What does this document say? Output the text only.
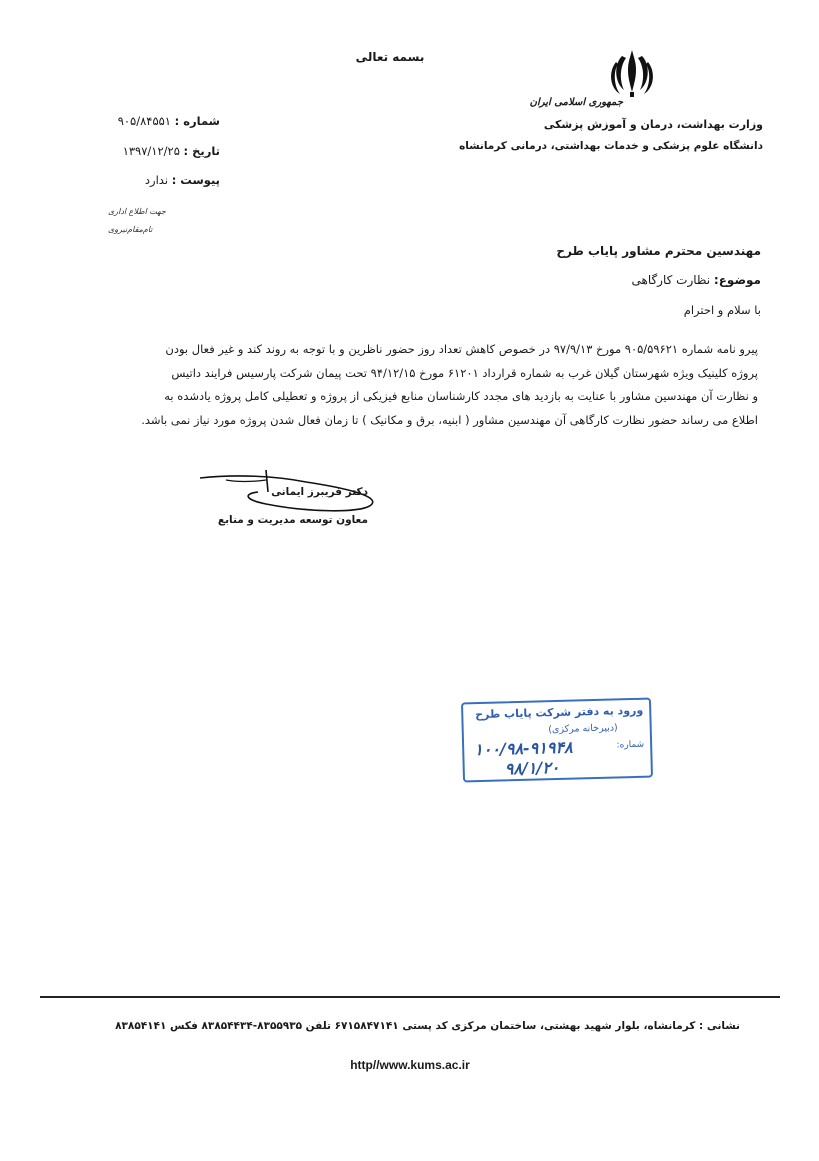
بسمه تعالی
جمهوری اسلامی ایران
وزارت بهداشت، درمان و آموزش پزشکی
دانشگاه علوم پزشکی و خدمات بهداشتی، درمانی کرمانشاه
شماره : ۹۰۵/۸۴۵۵۱
تاریخ : ۱۳۹۷/۱۲/۲۵
پیوست : ندارد
جهت اطلاع اداری
تام‌مقام‌نیروی
مهندسین محترم مشاور پایاب طرح
موضوع: نظارت کارگاهی
با سلام و احترام

پیرو نامه شماره ۹۰۵/۵۹۶۲۱ مورخ ۹۷/۹/۱۳ در خصوص کاهش تعداد روز حضور ناظرین و با توجه به روند کند و غیر فعال بودن

پروژه کلینیک ویژه شهرستان گیلان غرب به شماره قرارداد ۶۱۲۰۱ مورخ ۹۴/۱۲/۱۵ تحت پیمان شرکت پارسیس فرایند داتیس

و نظارت آن مهندسین مشاور با عنایت به بازدید های مجدد کارشناسان منابع فیزیکی از پروژه و تعطیلی کامل پروژه یادشده به

اطلاع می رساند حضور نظارت کارگاهی آن مهندسین مشاور ( ابنیه، برق و مکانیک ) تا زمان فعال شدن پروژه مورد نیاز نمی باشد.

دکتر فریبرز ایمانی
معاون توسعه مدیریت و منابع
ورود به دفتر شرکت پایاب طرح
(دبیرخانه مرکزی)
شماره:
۱۰۰/۹۸-۹۱۹۴۸
۹۸/۱/۲۰
نشانی : کرمانشاه، بلوار شهید بهشتی، ساختمان مرکزی کد پستی ۶۷۱۵۸۴۷۱۴۱ تلفن ۸۳۵۵۹۳۵-۸۳۸۵۴۴۳۴ فکس ۸۳۸۵۴۱۴۱
http//www.kums.ac.ir
